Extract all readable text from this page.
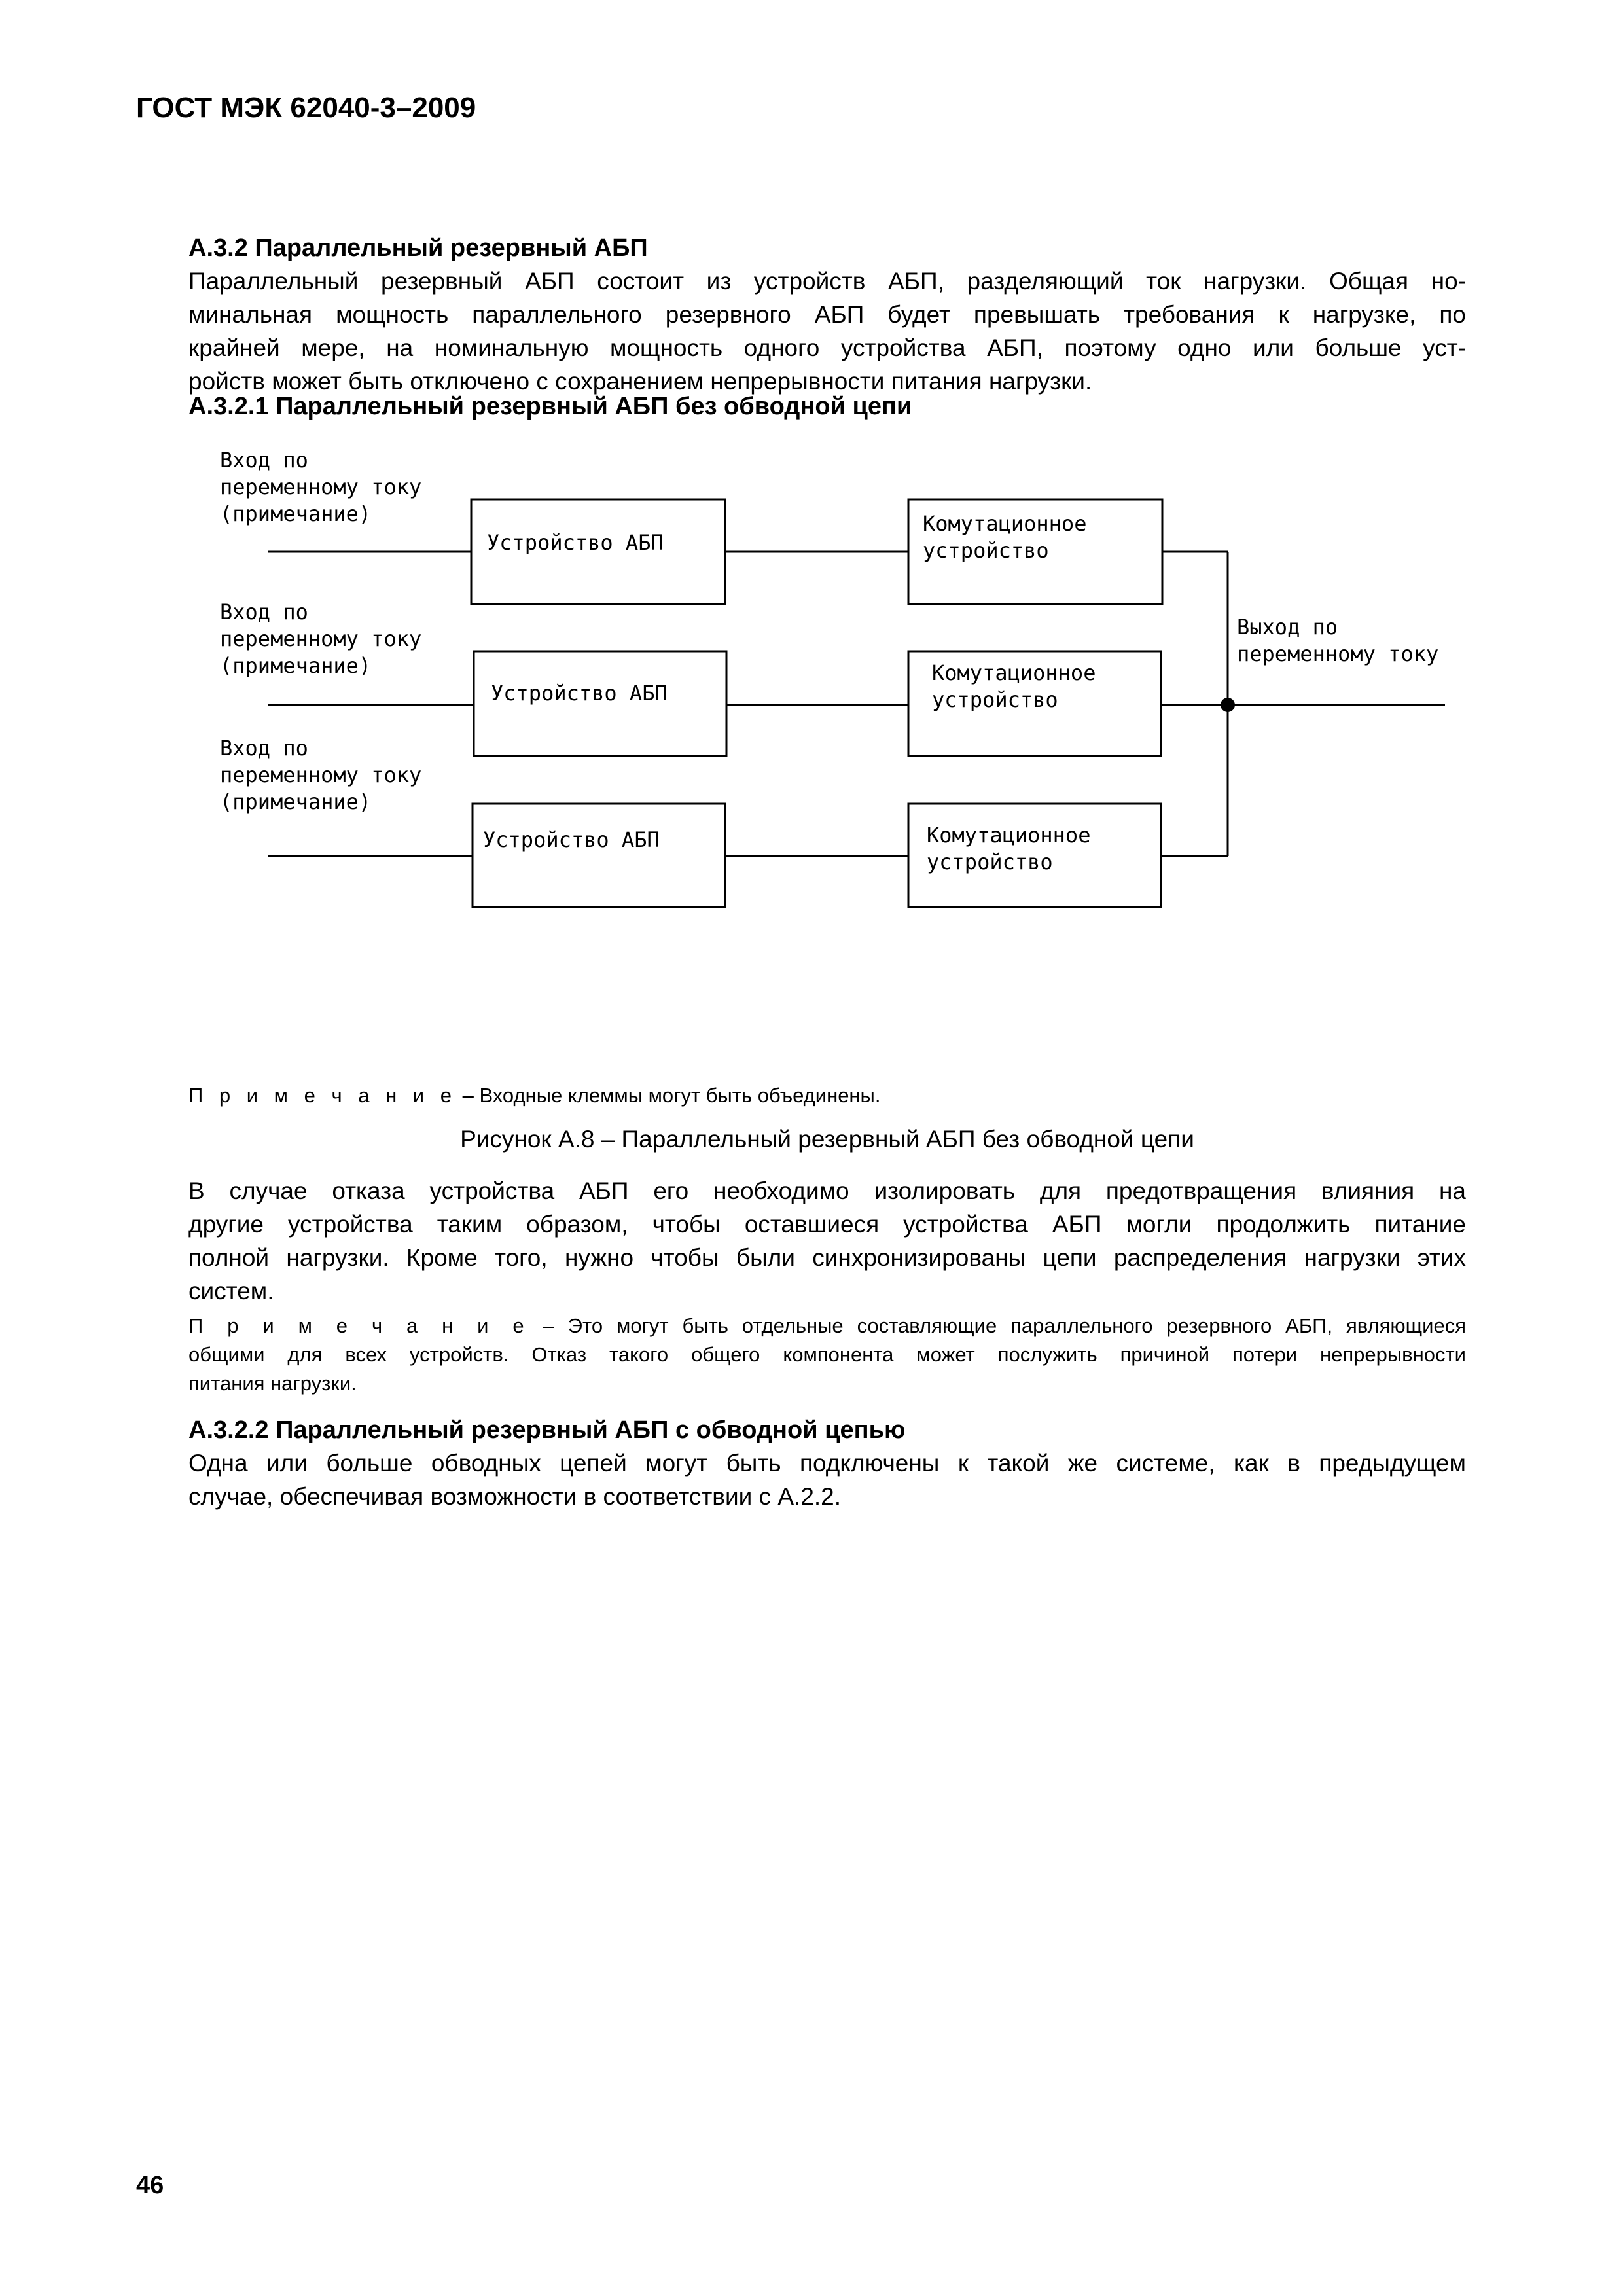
ГОСТ МЭК 62040-3–2009
А.3.2 Параллельный резервный АБП
Параллельный резервный АБП состоит из устройств АБП, разделяющий ток нагрузки. Общая но-
минальная мощность параллельного резервного АБП будет превышать требования к нагрузке, по
крайней мере, на номинальную мощность одного устройства АБП, поэтому одно или больше уст-
ройств может быть отключено с сохранением непрерывности питания нагрузки.
А.3.2.1 Параллельный резервный АБП без обводной цепи
Вход по
переменному току
(примечание)
Вход по
переменному току
(примечание)
Вход по
переменному току
(примечание)
Устройство АБП
Устройство АБП
Устройство АБП
Комутационное
устройство
Комутационное
устройство
Комутационное
устройство
Выход по
переменному току
П р и м е ч а н и е – Входные клеммы могут быть объединены.
Рисунок А.8 – Параллельный резервный АБП без обводной цепи
В случае отказа устройства АБП его необходимо изолировать для предотвращения влияния на
другие устройства таким образом, чтобы оставшиеся устройства АБП могли продолжить питание
полной нагрузки. Кроме того, нужно чтобы были синхронизированы цепи распределения нагрузки этих
систем.
П р и м е ч а н и е – Это могут быть отдельные составляющие параллельного резервного АБП, являющиеся
общими для всех устройств. Отказ такого общего компонента может послужить причиной потери непрерывности
питания нагрузки.
А.3.2.2 Параллельный резервный АБП с обводной цепью
Одна или больше обводных цепей могут быть подключены к такой же системе, как в предыдущем
случае, обеспечивая возможности в соответствии с А.2.2.
46
